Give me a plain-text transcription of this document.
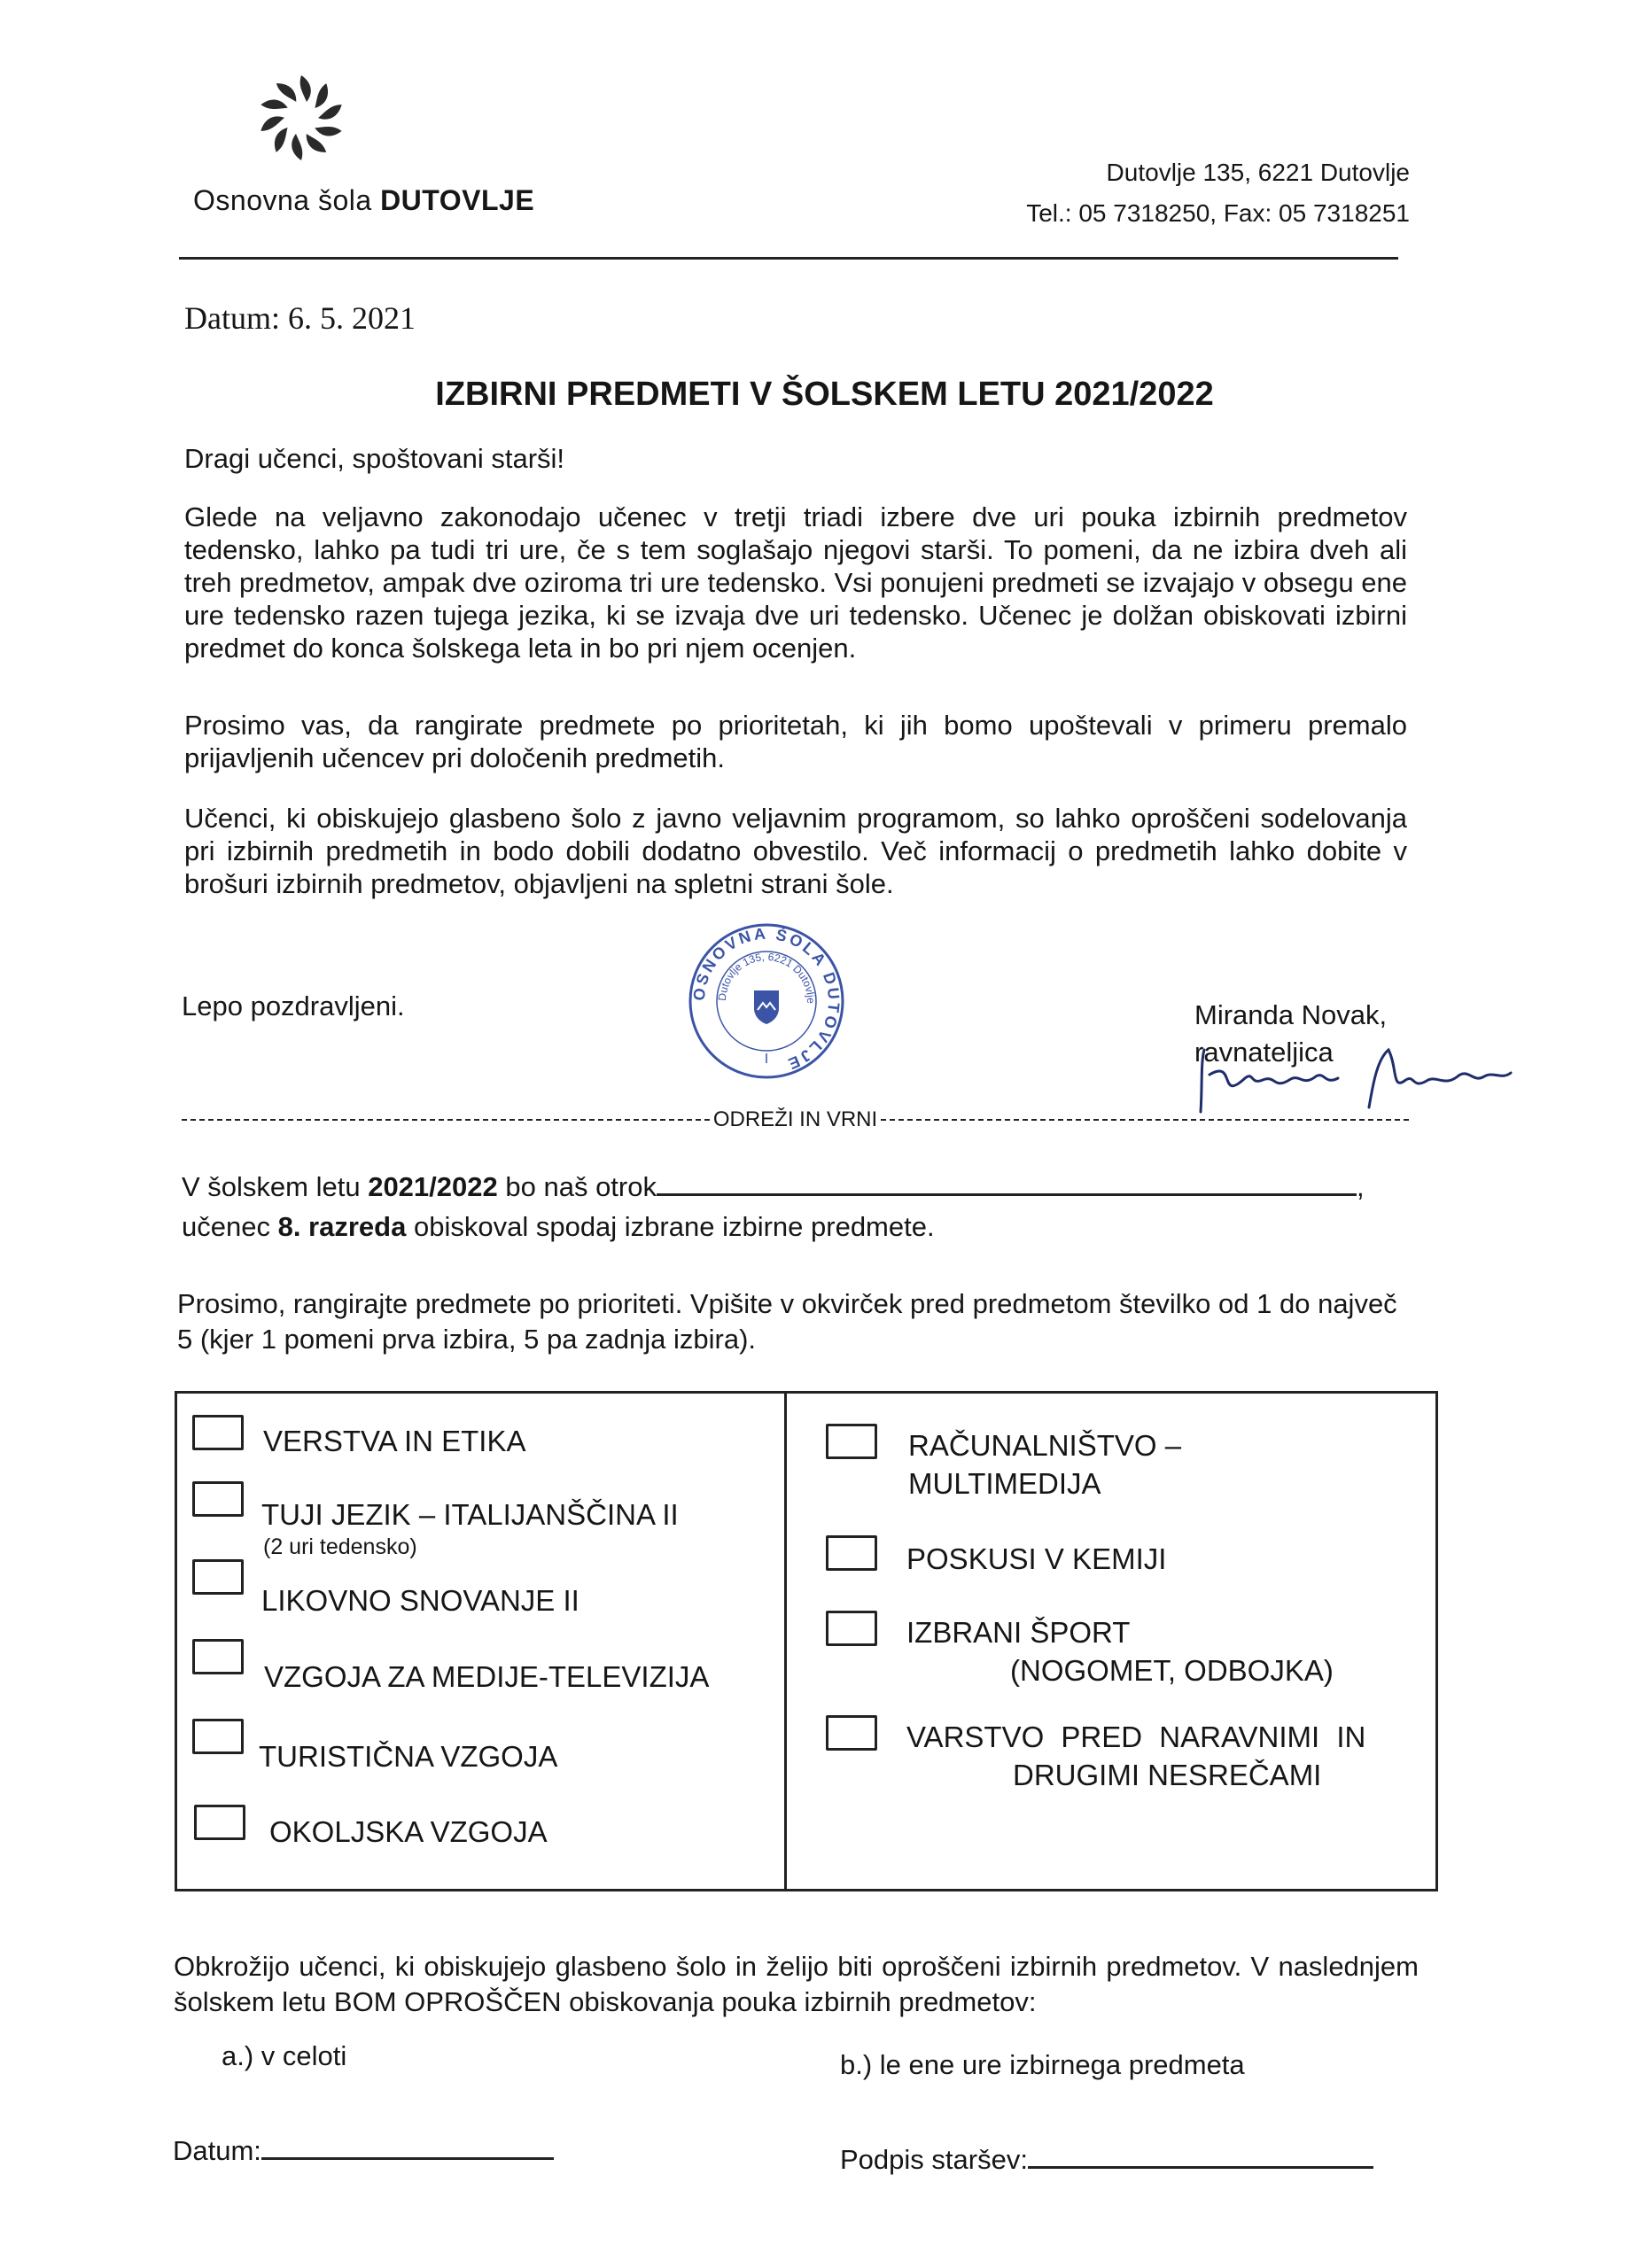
Osnovna šola DUTOVLJE
Dutovlje 135, 6221 Dutovlje
Tel.: 05 7318250, Fax: 05 7318251
Datum: 6. 5. 2021
IZBIRNI PREDMETI V ŠOLSKEM LETU 2021/2022
Dragi učenci, spoštovani starši!
Glede na veljavno zakonodajo učenec v tretji triadi izbere dve uri pouka izbirnih predmetov tedensko, lahko pa tudi tri ure, če s tem soglašajo njegovi starši. To pomeni, da ne izbira dveh ali treh predmetov, ampak dve oziroma tri ure tedensko. Vsi ponujeni predmeti se izvajajo v obsegu ene ure tedensko razen tujega jezika, ki se izvaja dve uri tedensko. Učenec je dolžan obiskovati izbirni predmet do konca šolskega leta in bo pri njem ocenjen.
Prosimo vas, da rangirate predmete po prioritetah, ki jih bomo upoštevali v primeru premalo prijavljenih učencev pri določenih predmetih.
Učenci, ki obiskujejo glasbeno šolo z javno veljavnim programom, so lahko oproščeni sodelovanja pri izbirnih predmetih in bodo dobili dodatno obvestilo. Več informacij o predmetih lahko dobite v brošuri izbirnih predmetov, objavljeni na spletni strani šole.
Lepo pozdravljeni.	OSNOVNA ŠOLA DUTOVLJE
Dutovlje 135, 6221 Dutovlje
I
Miranda Novak,
ravnateljica
ODREŽI IN VRNI
V šolskem letu 2021/2022 bo naš otrok	,
učenec 8. razreda obiskoval spodaj izbrane izbirne predmete.
Prosimo, rangirajte predmete po prioriteti. Vpišite v okvirček pred predmetom številko od 1 do največ 5 (kjer 1 pomeni prva izbira, 5 pa zadnja izbira).
VERSTVA IN ETIKA
TUJI JEZIK – ITALIJANŠČINA II
(2 uri tedensko)
LIKOVNO SNOVANJE II
VZGOJA ZA MEDIJE-TELEVIZIJA
TURISTIČNA VZGOJA
OKOLJSKA VZGOJA
RAČUNALNIŠTVO –
MULTIMEDIJA
POSKUSI V KEMIJI
IZBRANI ŠPORT
(NOGOMET, ODBOJKA)
VARSTVO PRED NARAVNIMI IN
DRUGIMI NESREČAMI
Obkrožijo učenci, ki obiskujejo glasbeno šolo in želijo biti oproščeni izbirnih predmetov. V naslednjem šolskem letu BOM OPROŠČEN obiskovanja pouka izbirnih predmetov:
a.) v celoti	b.) le ene ure izbirnega predmeta
Datum:	Podpis staršev:
